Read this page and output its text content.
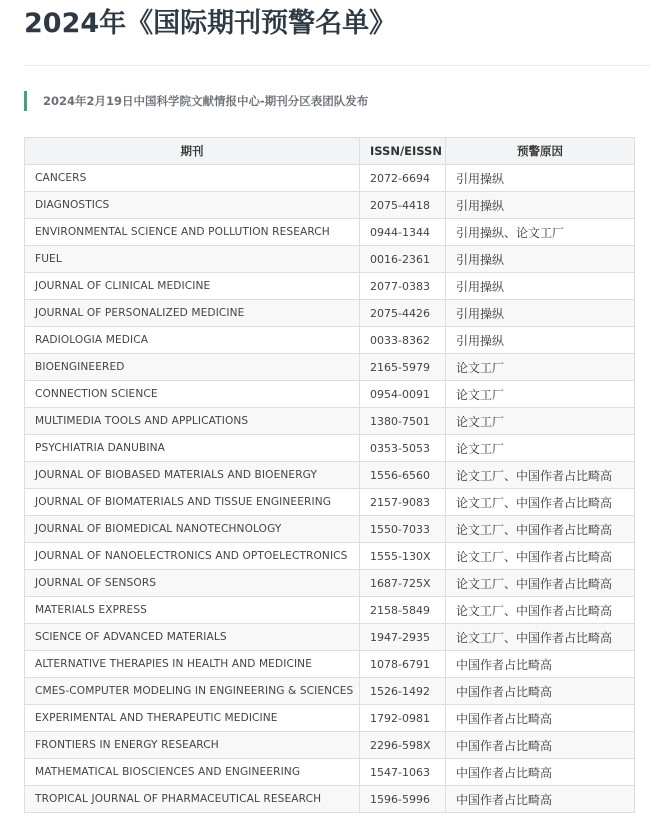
2024年《国际期刊预警名单》
2024年2月19日中国科学院文献情报中心-期刊分区表团队发布
期刊	ISSN/EISSN	预警原因
CANCERS	2072-6694	引用操纵
DIAGNOSTICS	2075-4418	引用操纵
ENVIRONMENTAL SCIENCE AND POLLUTION RESEARCH	0944-1344	引用操纵、论文工厂
FUEL	0016-2361	引用操纵
JOURNAL OF CLINICAL MEDICINE	2077-0383	引用操纵
JOURNAL OF PERSONALIZED MEDICINE	2075-4426	引用操纵
RADIOLOGIA MEDICA	0033-8362	引用操纵
BIOENGINEERED	2165-5979	论文工厂
CONNECTION SCIENCE	0954-0091	论文工厂
MULTIMEDIA TOOLS AND APPLICATIONS	1380-7501	论文工厂
PSYCHIATRIA DANUBINA	0353-5053	论文工厂
JOURNAL OF BIOBASED MATERIALS AND BIOENERGY	1556-6560	论文工厂、中国作者占比畸高
JOURNAL OF BIOMATERIALS AND TISSUE ENGINEERING	2157-9083	论文工厂、中国作者占比畸高
JOURNAL OF BIOMEDICAL NANOTECHNOLOGY	1550-7033	论文工厂、中国作者占比畸高
JOURNAL OF NANOELECTRONICS AND OPTOELECTRONICS	1555-130X	论文工厂、中国作者占比畸高
JOURNAL OF SENSORS	1687-725X	论文工厂、中国作者占比畸高
MATERIALS EXPRESS	2158-5849	论文工厂、中国作者占比畸高
SCIENCE OF ADVANCED MATERIALS	1947-2935	论文工厂、中国作者占比畸高
ALTERNATIVE THERAPIES IN HEALTH AND MEDICINE	1078-6791	中国作者占比畸高
CMES-COMPUTER MODELING IN ENGINEERING & SCIENCES	1526-1492	中国作者占比畸高
EXPERIMENTAL AND THERAPEUTIC MEDICINE	1792-0981	中国作者占比畸高
FRONTIERS IN ENERGY RESEARCH	2296-598X	中国作者占比畸高
MATHEMATICAL BIOSCIENCES AND ENGINEERING	1547-1063	中国作者占比畸高
TROPICAL JOURNAL OF PHARMACEUTICAL RESEARCH	1596-5996	中国作者占比畸高
